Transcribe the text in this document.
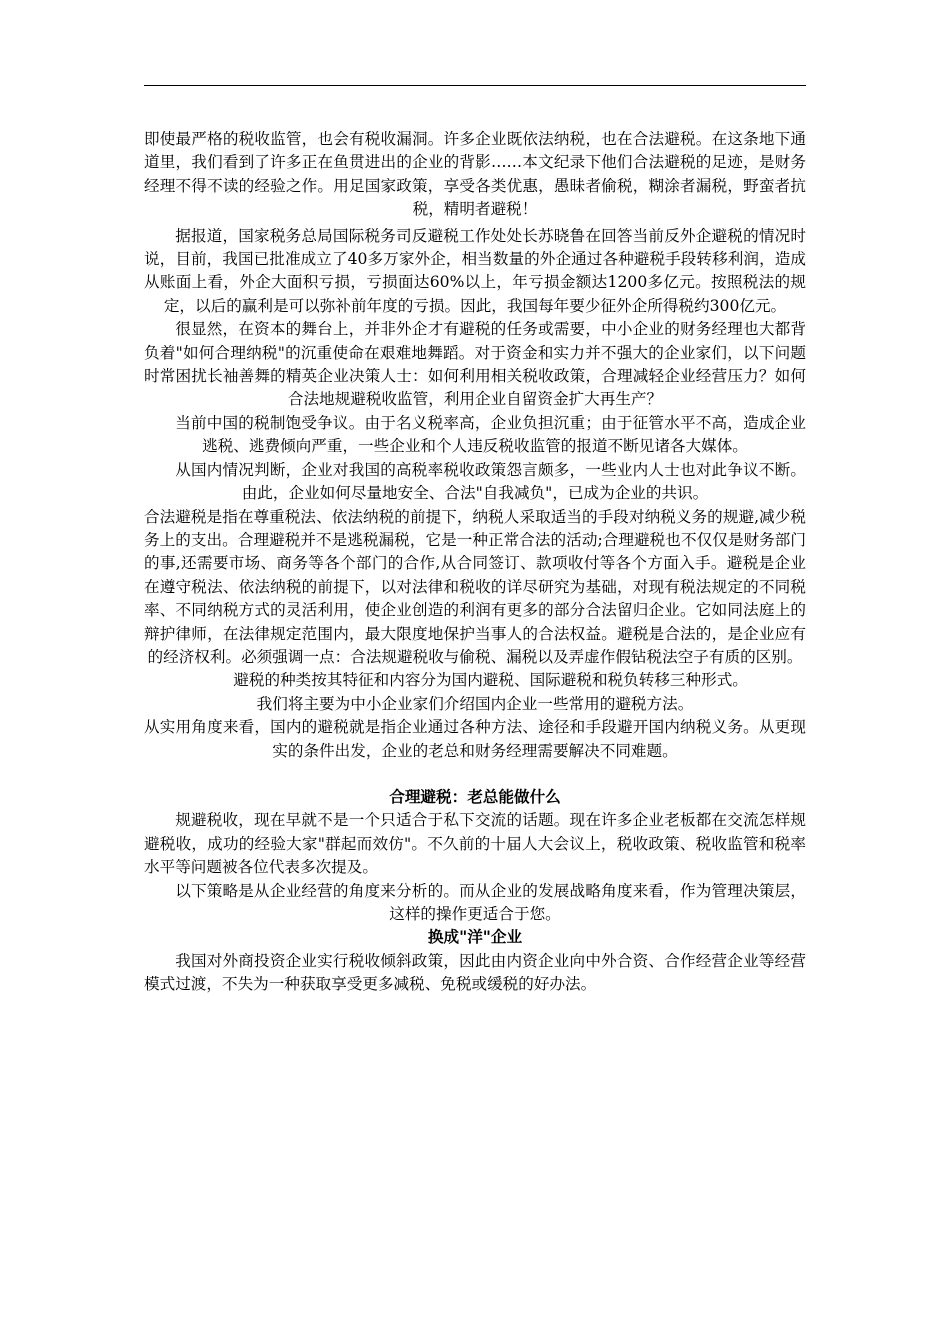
即使最严格的税收监管，也会有税收漏洞。许多企业既依法纳税，也在合法避税。在这条地下通道里，我们看到了许多正在鱼贯进出的企业的背影……本文纪录下他们合法避税的足迹，是财务经理不得不读的经验之作。用足国家政策，享受各类优惠，愚昧者偷税，糊涂者漏税，野蛮者抗税，精明者避税！

据报道，国家税务总局国际税务司反避税工作处处长苏晓鲁在回答当前反外企避税的情况时说，目前，我国已批准成立了40多万家外企，相当数量的外企通过各种避税手段转移利润，造成从账面上看，外企大面积亏损，亏损面达60%以上，年亏损金额达1200多亿元。按照税法的规定，以后的赢利是可以弥补前年度的亏损。因此，我国每年要少征外企所得税约300亿元。

很显然，在资本的舞台上，并非外企才有避税的任务或需要，中小企业的财务经理也大都背负着"如何合理纳税"的沉重使命在艰难地舞蹈。对于资金和实力并不强大的企业家们，以下问题时常困扰长袖善舞的精英企业决策人士：如何利用相关税收政策，合理减轻企业经营压力？如何合法地规避税收监管，利用企业自留资金扩大再生产？

当前中国的税制饱受争议。由于名义税率高，企业负担沉重；由于征管水平不高，造成企业逃税、逃费倾向严重，一些企业和个人违反税收监管的报道不断见诸各大媒体。

从国内情况判断，企业对我国的高税率税收政策怨言颇多，一些业内人士也对此争议不断。由此，企业如何尽量地安全、合法"自我减负"，已成为企业的共识。

合法避税是指在尊重税法、依法纳税的前提下，纳税人采取适当的手段对纳税义务的规避,减少税务上的支出。合理避税并不是逃税漏税，它是一种正常合法的活动;合理避税也不仅仅是财务部门的事,还需要市场、商务等各个部门的合作,从合同签订、款项收付等各个方面入手。避税是企业在遵守税法、依法纳税的前提下，以对法律和税收的详尽研究为基础，对现有税法规定的不同税率、不同纳税方式的灵活利用，使企业创造的利润有更多的部分合法留归企业。它如同法庭上的辩护律师，在法律规定范围内，最大限度地保护当事人的合法权益。避税是合法的，是企业应有的经济权利。必须强调一点：合法规避税收与偷税、漏税以及弄虚作假钻税法空子有质的区别。

避税的种类按其特征和内容分为国内避税、国际避税和税负转移三种形式。

我们将主要为中小企业家们介绍国内企业一些常用的避税方法。

从实用角度来看，国内的避税就是指企业通过各种方法、途径和手段避开国内纳税义务。从更现实的条件出发，企业的老总和财务经理需要解决不同难题。

合理避税：老总能做什么

规避税收，现在早就不是一个只适合于私下交流的话题。现在许多企业老板都在交流怎样规避税收，成功的经验大家"群起而效仿"。不久前的十届人大会议上，税收政策、税收监管和税率水平等问题被各位代表多次提及。

以下策略是从企业经营的角度来分析的。而从企业的发展战略角度来看，作为管理决策层，这样的操作更适合于您。

换成"洋"企业

我国对外商投资企业实行税收倾斜政策，因此由内资企业向中外合资、合作经营企业等经营模式过渡，不失为一种获取享受更多减税、免税或缓税的好办法。
